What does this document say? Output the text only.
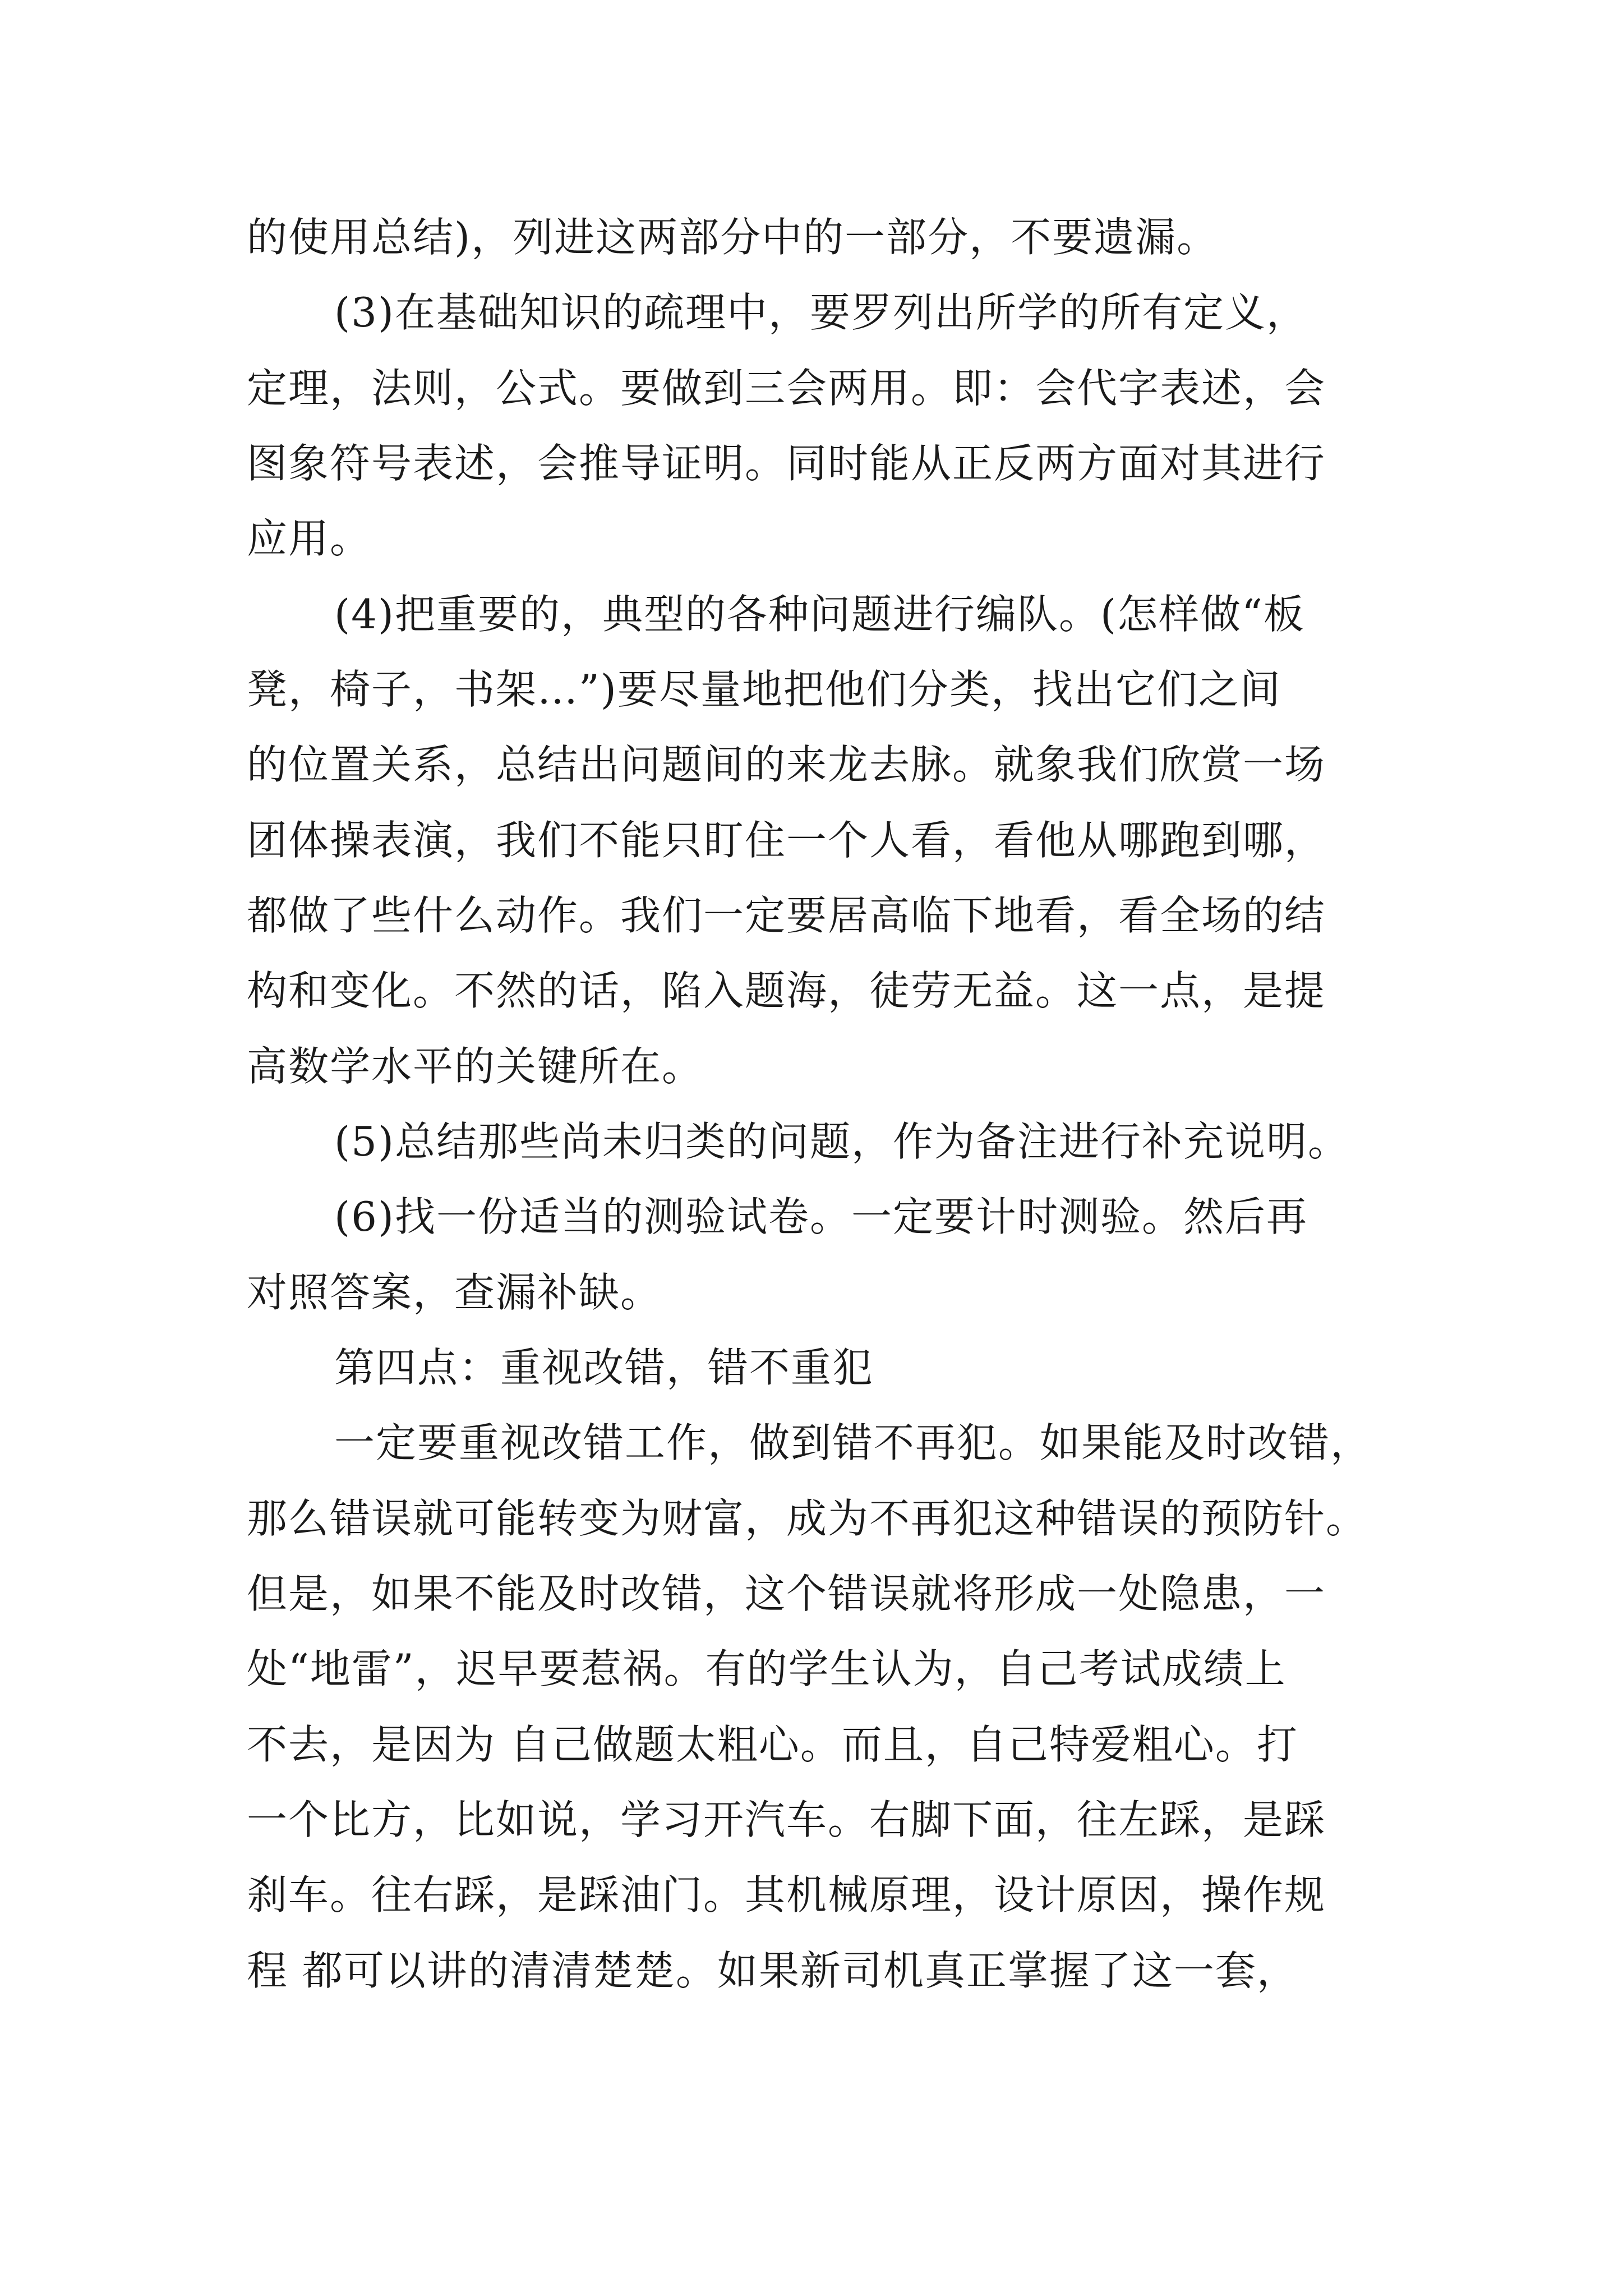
的使用总结)，列进这两部分中的一部分，不要遗漏。
(3)在基础知识的疏理中，要罗列出所学的所有定义，
定理，法则，公式。要做到三会两用。即：会代字表述，会
图象符号表述，会推导证明。同时能从正反两方面对其进行
应用。
(4)把重要的，典型的各种问题进行编队。(怎样做“板
凳，椅子，书架…”)要尽量地把他们分类，找出它们之间
的位置关系，总结出问题间的来龙去脉。就象我们欣赏一场
团体操表演，我们不能只盯住一个人看，看他从哪跑到哪，
都做了些什么动作。我们一定要居高临下地看，看全场的结
构和变化。不然的话，陷入题海，徒劳无益。这一点，是提
高数学水平的关键所在。
(5)总结那些尚未归类的问题，作为备注进行补充说明。
(6)找一份适当的测验试卷。一定要计时测验。然后再
对照答案，查漏补缺。
第四点：重视改错，错不重犯
一定要重视改错工作，做到错不再犯。如果能及时改错，
那么错误就可能转变为财富，成为不再犯这种错误的预防针。
但是，如果不能及时改错，这个错误就将形成一处隐患，一
处“地雷”，迟早要惹祸。有的学生认为，自己考试成绩上
不去，是因为 自己做题太粗心。而且，自己特爱粗心。打
一个比方，比如说，学习开汽车。右脚下面，往左踩，是踩
刹车。往右踩，是踩油门。其机械原理，设计原因，操作规
程 都可以讲的清清楚楚。如果新司机真正掌握了这一套，
